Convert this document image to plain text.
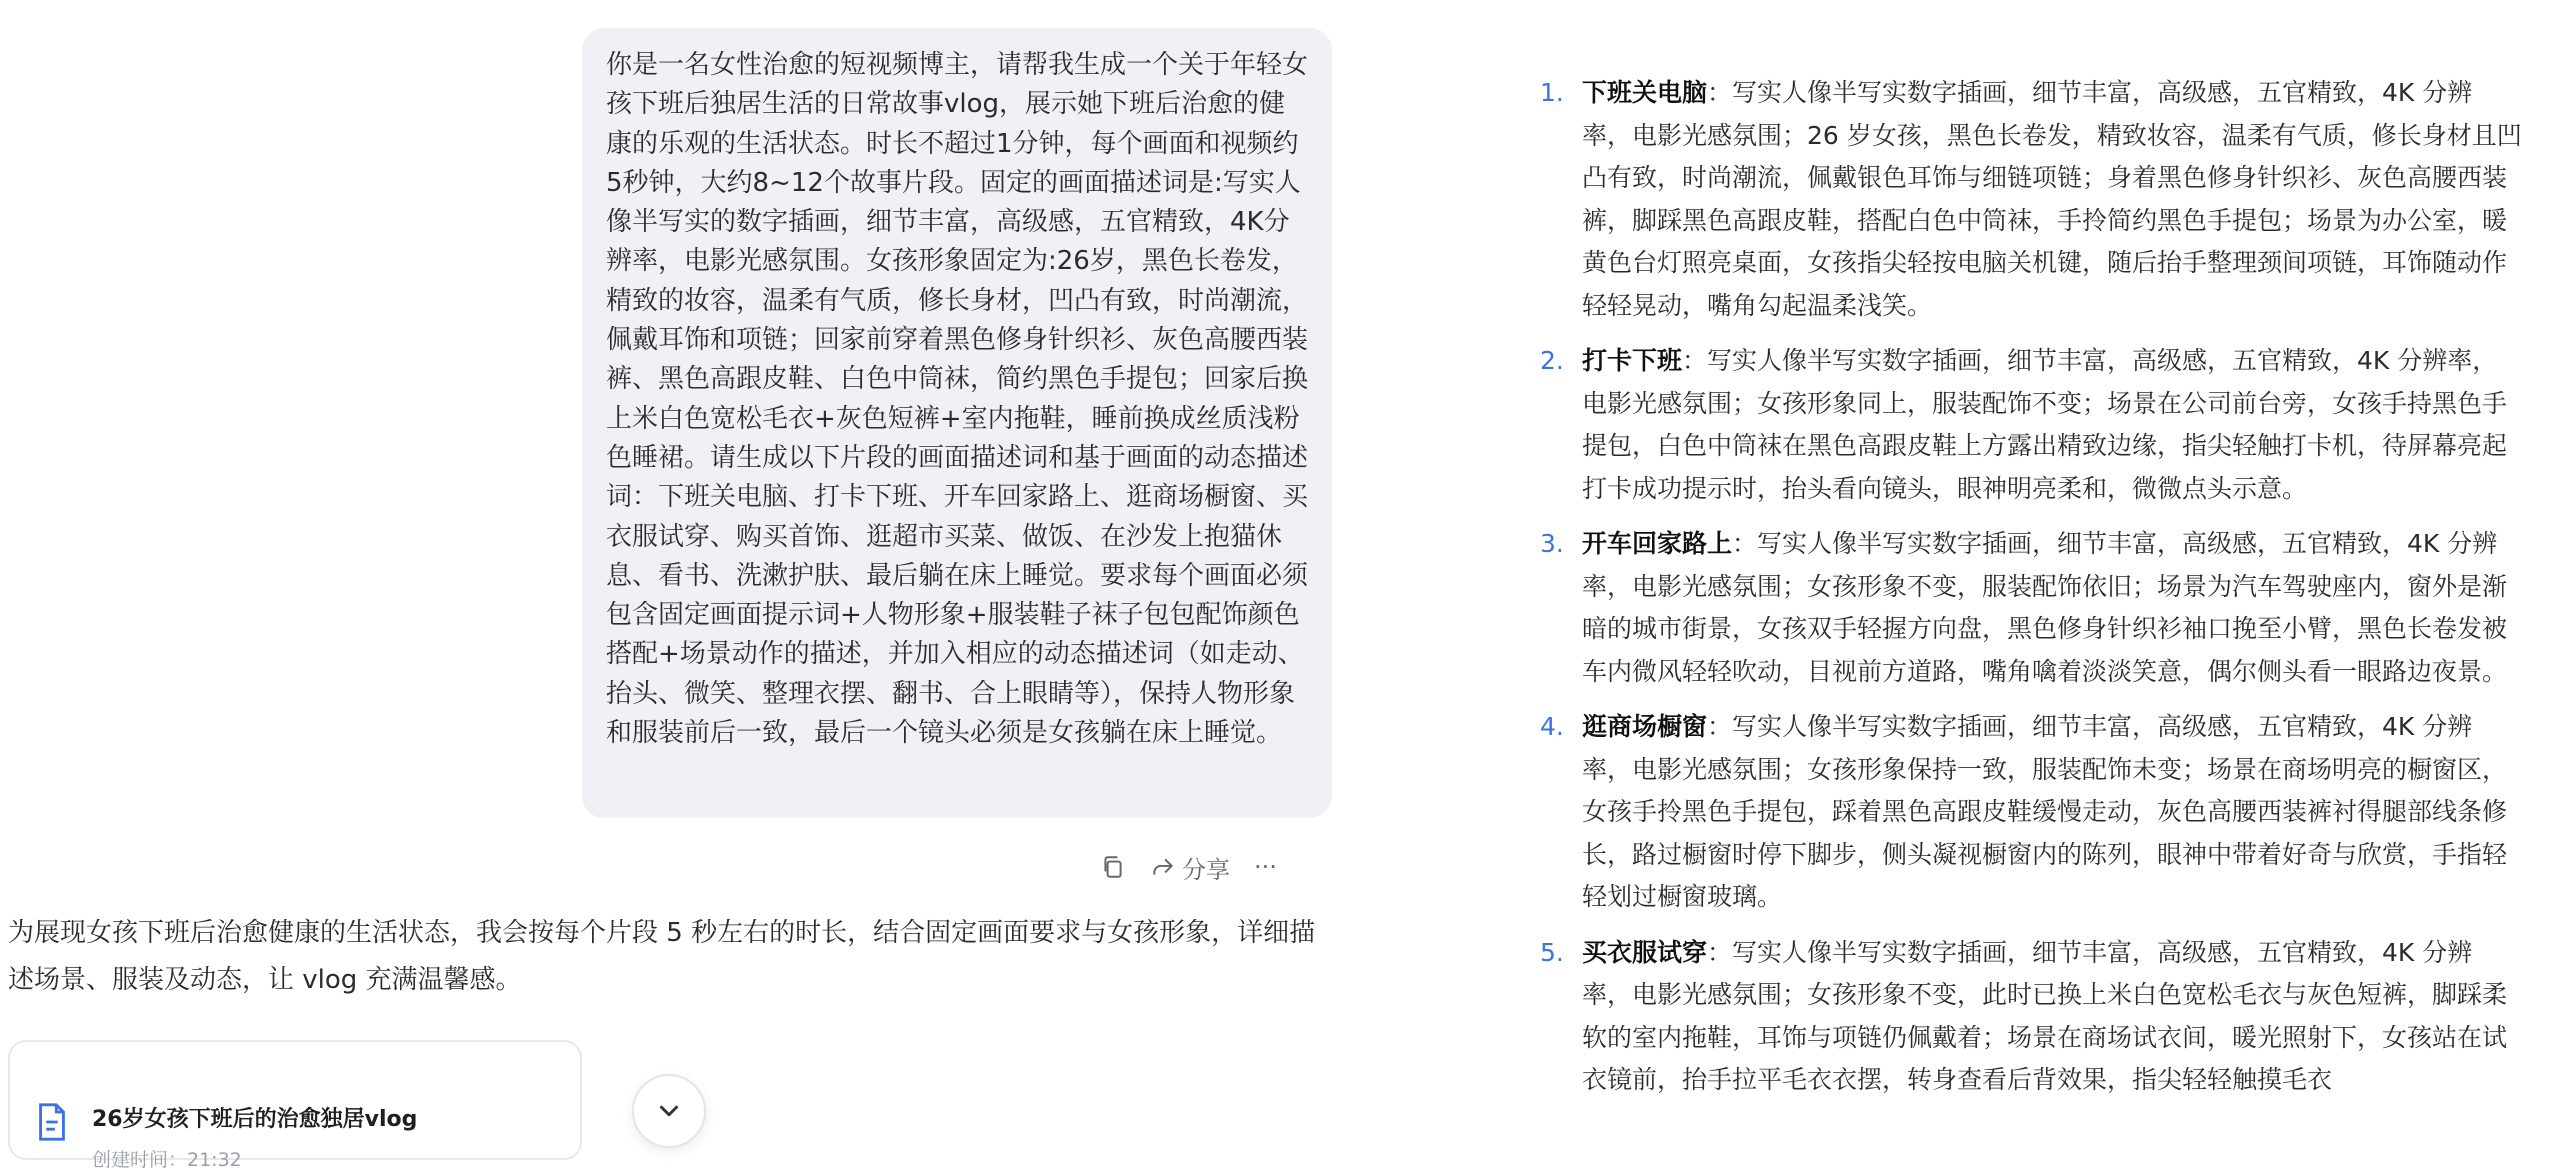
你是一名女性治愈的短视频博主，请帮我生成一个关于年轻女孩下班后独居生活的日常故事vlog，展示她下班后治愈的健康的乐观的生活状态。时长不超过1分钟，每个画面和视频约5秒钟，大约8~12个故事片段。固定的画面描述词是:写实人像半写实的数字插画，细节丰富，高级感，五官精致，4K分辨率，电影光感氛围。女孩形象固定为:26岁，黑色长卷发，精致的妆容，温柔有气质，修长身材，凹凸有致，时尚潮流，佩戴耳饰和项链；回家前穿着黑色修身针织衫、灰色高腰西装裤、黑色高跟皮鞋、白色中筒袜，简约黑色手提包；回家后换上米白色宽松毛衣+灰色短裤+室内拖鞋，睡前换成丝质浅粉色睡裙。请生成以下片段的画面描述词和基于画面的动态描述词：下班关电脑、打卡下班、开车回家路上、逛商场橱窗、买衣服试穿、购买首饰、逛超市买菜、做饭、在沙发上抱猫休息、看书、洗漱护肤、最后躺在床上睡觉。要求每个画面必须包含固定画面提示词+人物形象+服装鞋子袜子包包配饰颜色搭配+场景动作的描述，并加入相应的动态描述词（如走动、抬头、微笑、整理衣摆、翻书、合上眼睛等），保持人物形象和服装前后一致，最后一个镜头必须是女孩躺在床上睡觉。

分享 ···

为展现女孩下班后治愈健康的生活状态，我会按每个片段 5 秒左右的时长，结合固定画面要求与女孩形象，详细描述场景、服装及动态，让 vlog 充满温馨感。

26岁女孩下班后的治愈独居vlog
创建时间：21:32
1. 下班关电脑：写实人像半写实数字插画，细节丰富，高级感，五官精致，4K 分辨率，电影光感氛围；26 岁女孩，黑色长卷发，精致妆容，温柔有气质，修长身材且凹凸有致，时尚潮流，佩戴银色耳饰与细链项链；身着黑色修身针织衫、灰色高腰西装裤，脚踩黑色高跟皮鞋，搭配白色中筒袜，手拎简约黑色手提包；场景为办公室，暖黄色台灯照亮桌面，女孩指尖轻按电脑关机键，随后抬手整理颈间项链，耳饰随动作轻轻晃动，嘴角勾起温柔浅笑。
2. 打卡下班：写实人像半写实数字插画，细节丰富，高级感，五官精致，4K 分辨率，电影光感氛围；女孩形象同上，服装配饰不变；场景在公司前台旁，女孩手持黑色手提包，白色中筒袜在黑色高跟皮鞋上方露出精致边缘，指尖轻触打卡机，待屏幕亮起打卡成功提示时，抬头看向镜头，眼神明亮柔和，微微点头示意。
3. 开车回家路上：写实人像半写实数字插画，细节丰富，高级感，五官精致，4K 分辨率，电影光感氛围；女孩形象不变，服装配饰依旧；场景为汽车驾驶座内，窗外是渐暗的城市街景，女孩双手轻握方向盘，黑色修身针织衫袖口挽至小臂，黑色长卷发被车内微风轻轻吹动，目视前方道路，嘴角噙着淡淡笑意，偶尔侧头看一眼路边夜景。
4. 逛商场橱窗：写实人像半写实数字插画，细节丰富，高级感，五官精致，4K 分辨率，电影光感氛围；女孩形象保持一致，服装配饰未变；场景在商场明亮的橱窗区，女孩手拎黑色手提包，踩着黑色高跟皮鞋缓慢走动，灰色高腰西装裤衬得腿部线条修长，路过橱窗时停下脚步，侧头凝视橱窗内的陈列，眼神中带着好奇与欣赏，手指轻轻划过橱窗玻璃。
5. 买衣服试穿：写实人像半写实数字插画，细节丰富，高级感，五官精致，4K 分辨率，电影光感氛围；女孩形象不变，此时已换上米白色宽松毛衣与灰色短裤，脚踩柔软的室内拖鞋，耳饰与项链仍佩戴着；场景在商场试衣间，暖光照射下，女孩站在试衣镜前，抬手拉平毛衣衣摆，转身查看后背效果，指尖轻轻触摸毛衣
